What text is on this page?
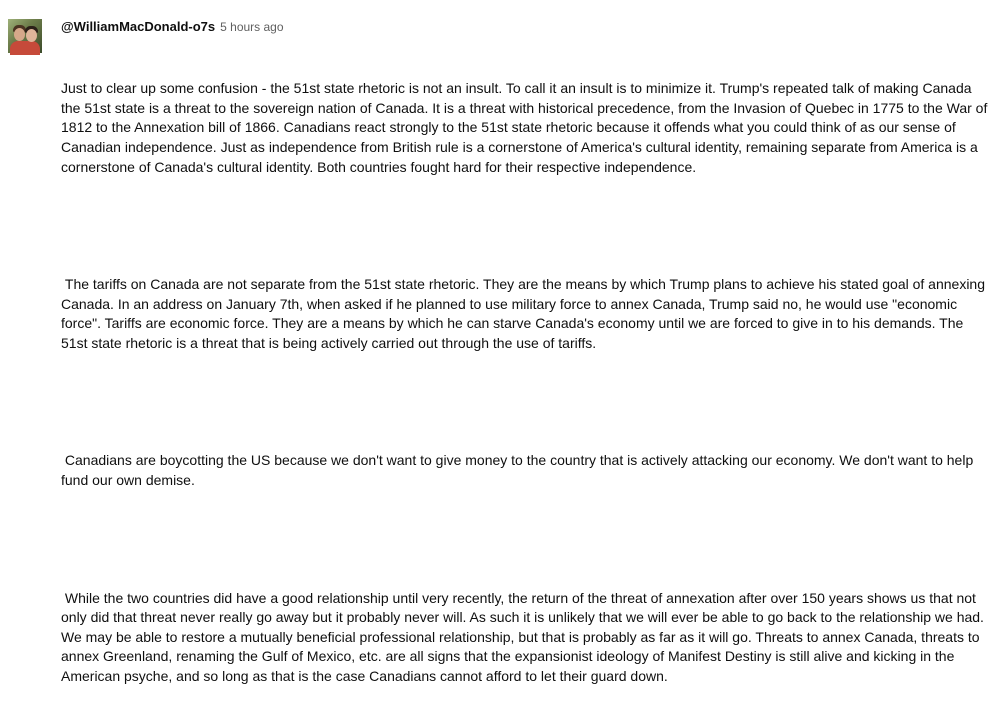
@WilliamMacDonald-o7s 5 hours ago

Just to clear up some confusion - the 51st state rhetoric is not an insult. To call it an insult is to minimize it. Trump's repeated talk of making Canada the 51st state is a threat to the sovereign nation of Canada. It is a threat with historical precedence, from the Invasion of Quebec in 1775 to the War of 1812 to the Annexation bill of 1866. Canadians react strongly to the 51st state rhetoric because it offends what you could think of as our sense of Canadian independence. Just as independence from British rule is a cornerstone of America's cultural identity, remaining separate from America is a cornerstone of Canada's cultural identity. Both countries fought hard for their respective independence.

The tariffs on Canada are not separate from the 51st state rhetoric. They are the means by which Trump plans to achieve his stated goal of annexing Canada. In an address on January 7th, when asked if he planned to use military force to annex Canada, Trump said no, he would use "economic force". Tariffs are economic force. They are a means by which he can starve Canada's economy until we are forced to give in to his demands. The 51st state rhetoric is a threat that is being actively carried out through the use of tariffs.

Canadians are boycotting the US because we don't want to give money to the country that is actively attacking our economy. We don't want to help fund our own demise.

While the two countries did have a good relationship until very recently, the return of the threat of annexation after over 150 years shows us that not only did that threat never really go away but it probably never will. As such it is unlikely that we will ever be able to go back to the relationship we had. We may be able to restore a mutually beneficial professional relationship, but that is probably as far as it will go. Threats to annex Canada, threats to annex Greenland, renaming the Gulf of Mexico, etc. are all signs that the expansionist ideology of Manifest Destiny is still alive and kicking in the American psyche, and so long as that is the case Canadians cannot afford to let their guard down.
